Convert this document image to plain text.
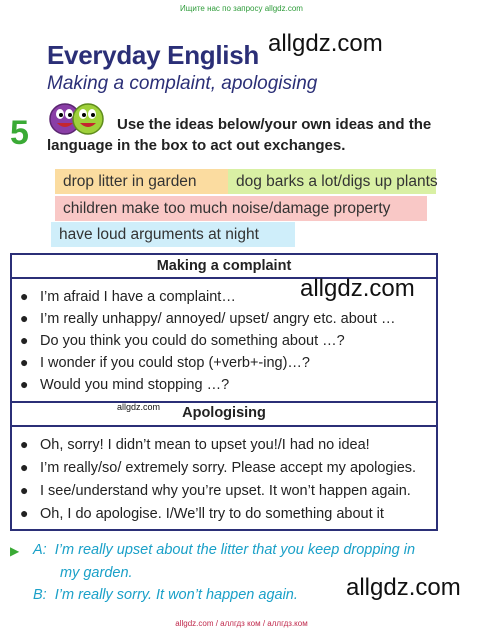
Ищите нас по запросу allgdz.com
Everyday English allgdz.com
Making a complaint, apologising
5	Use the ideas below/your own ideas and the language in the box to act out exchanges.
drop litter in garden	dog barks a lot/digs up plants
children make too much noise/damage property
have loud arguments at night
Making a complaint
● I’m afraid I have a complaint…
● I’m really unhappy/ annoyed/ upset/ angry etc. about …
● Do you think you could do something about …?
● I wonder if you could stop (+verb+-ing)…?
● Would you mind stopping …?
allgdz.com
allgdz.com	Apologising
● Oh, sorry! I didn’t mean to upset you!/I had no idea!
● I’m really/so/ extremely sorry. Please accept my apologies.
● I see/understand why you’re upset. It won’t happen again.
● Oh, I do apologise. I/We’ll try to do something about it
▶ A: I’m really upset about the litter that you keep dropping in
my garden.
B: I’m really sorry. It won’t happen again. allgdz.com
allgdz.com / аллгдз ком / аллгдз.ком
